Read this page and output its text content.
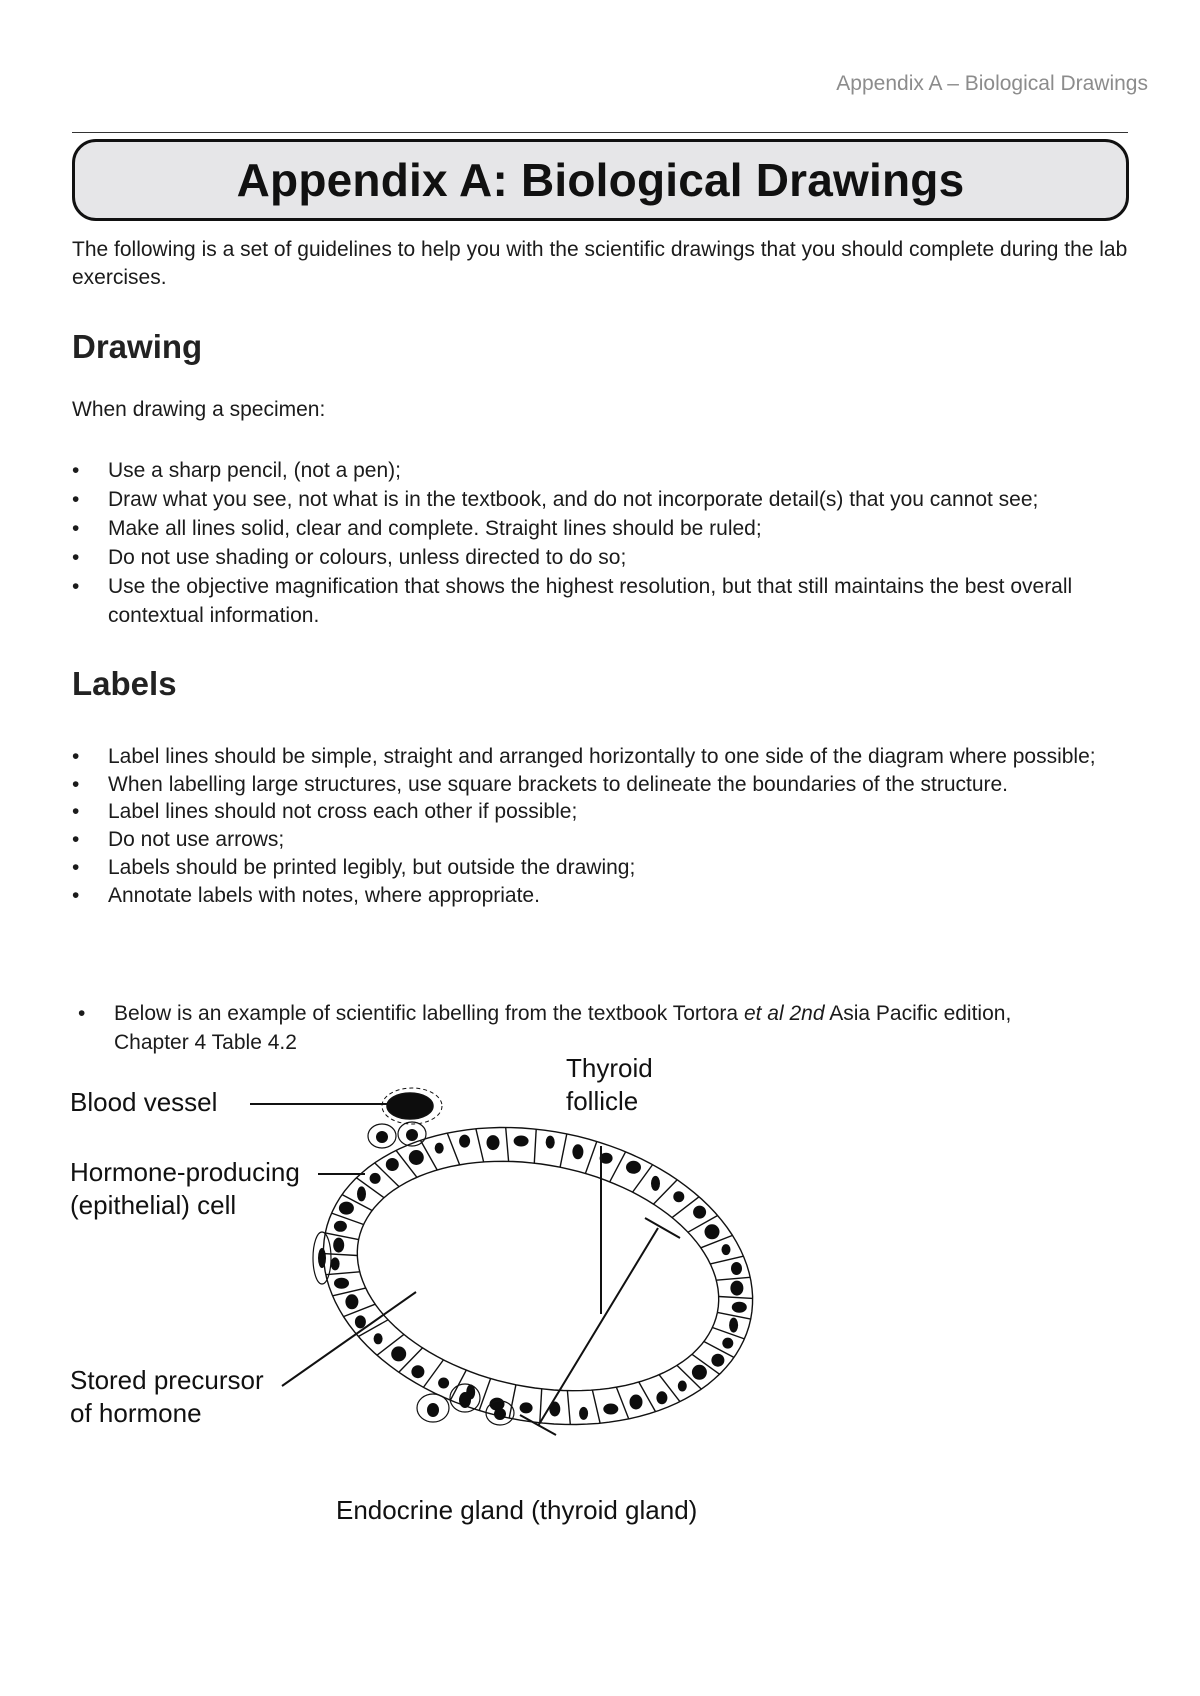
Appendix A – Biological Drawings
Appendix A: Biological Drawings

The following is a set of guidelines to help you with the scientific drawings that you should complete during the lab exercises.

Drawing

When drawing a specimen:

• Use a sharp pencil, (not a pen);
• Draw what you see, not what is in the textbook, and do not incorporate detail(s) that you cannot see;
• Make all lines solid, clear and complete. Straight lines should be ruled;
• Do not use shading or colours, unless directed to do so;
• Use the objective magnification that shows the highest resolution, but that still maintains the best overall contextual information.
Labels
• Label lines should be simple, straight and arranged horizontally to one side of the diagram where possible;
• When labelling large structures, use square brackets to delineate the boundaries of the structure.
• Label lines should not cross each other if possible;
• Do not use arrows;
• Labels should be printed legibly, but outside the drawing;
• Annotate labels with notes, where appropriate.
• Below is an example of scientific labelling from the textbook Tortora et al 2nd Asia Pacific edition, Chapter 4 Table 4.2
Blood vessel
Hormone-producing
(epithelial) cell
Stored precursor
of hormone
Thyroid
follicle
Endocrine gland (thyroid gland)
